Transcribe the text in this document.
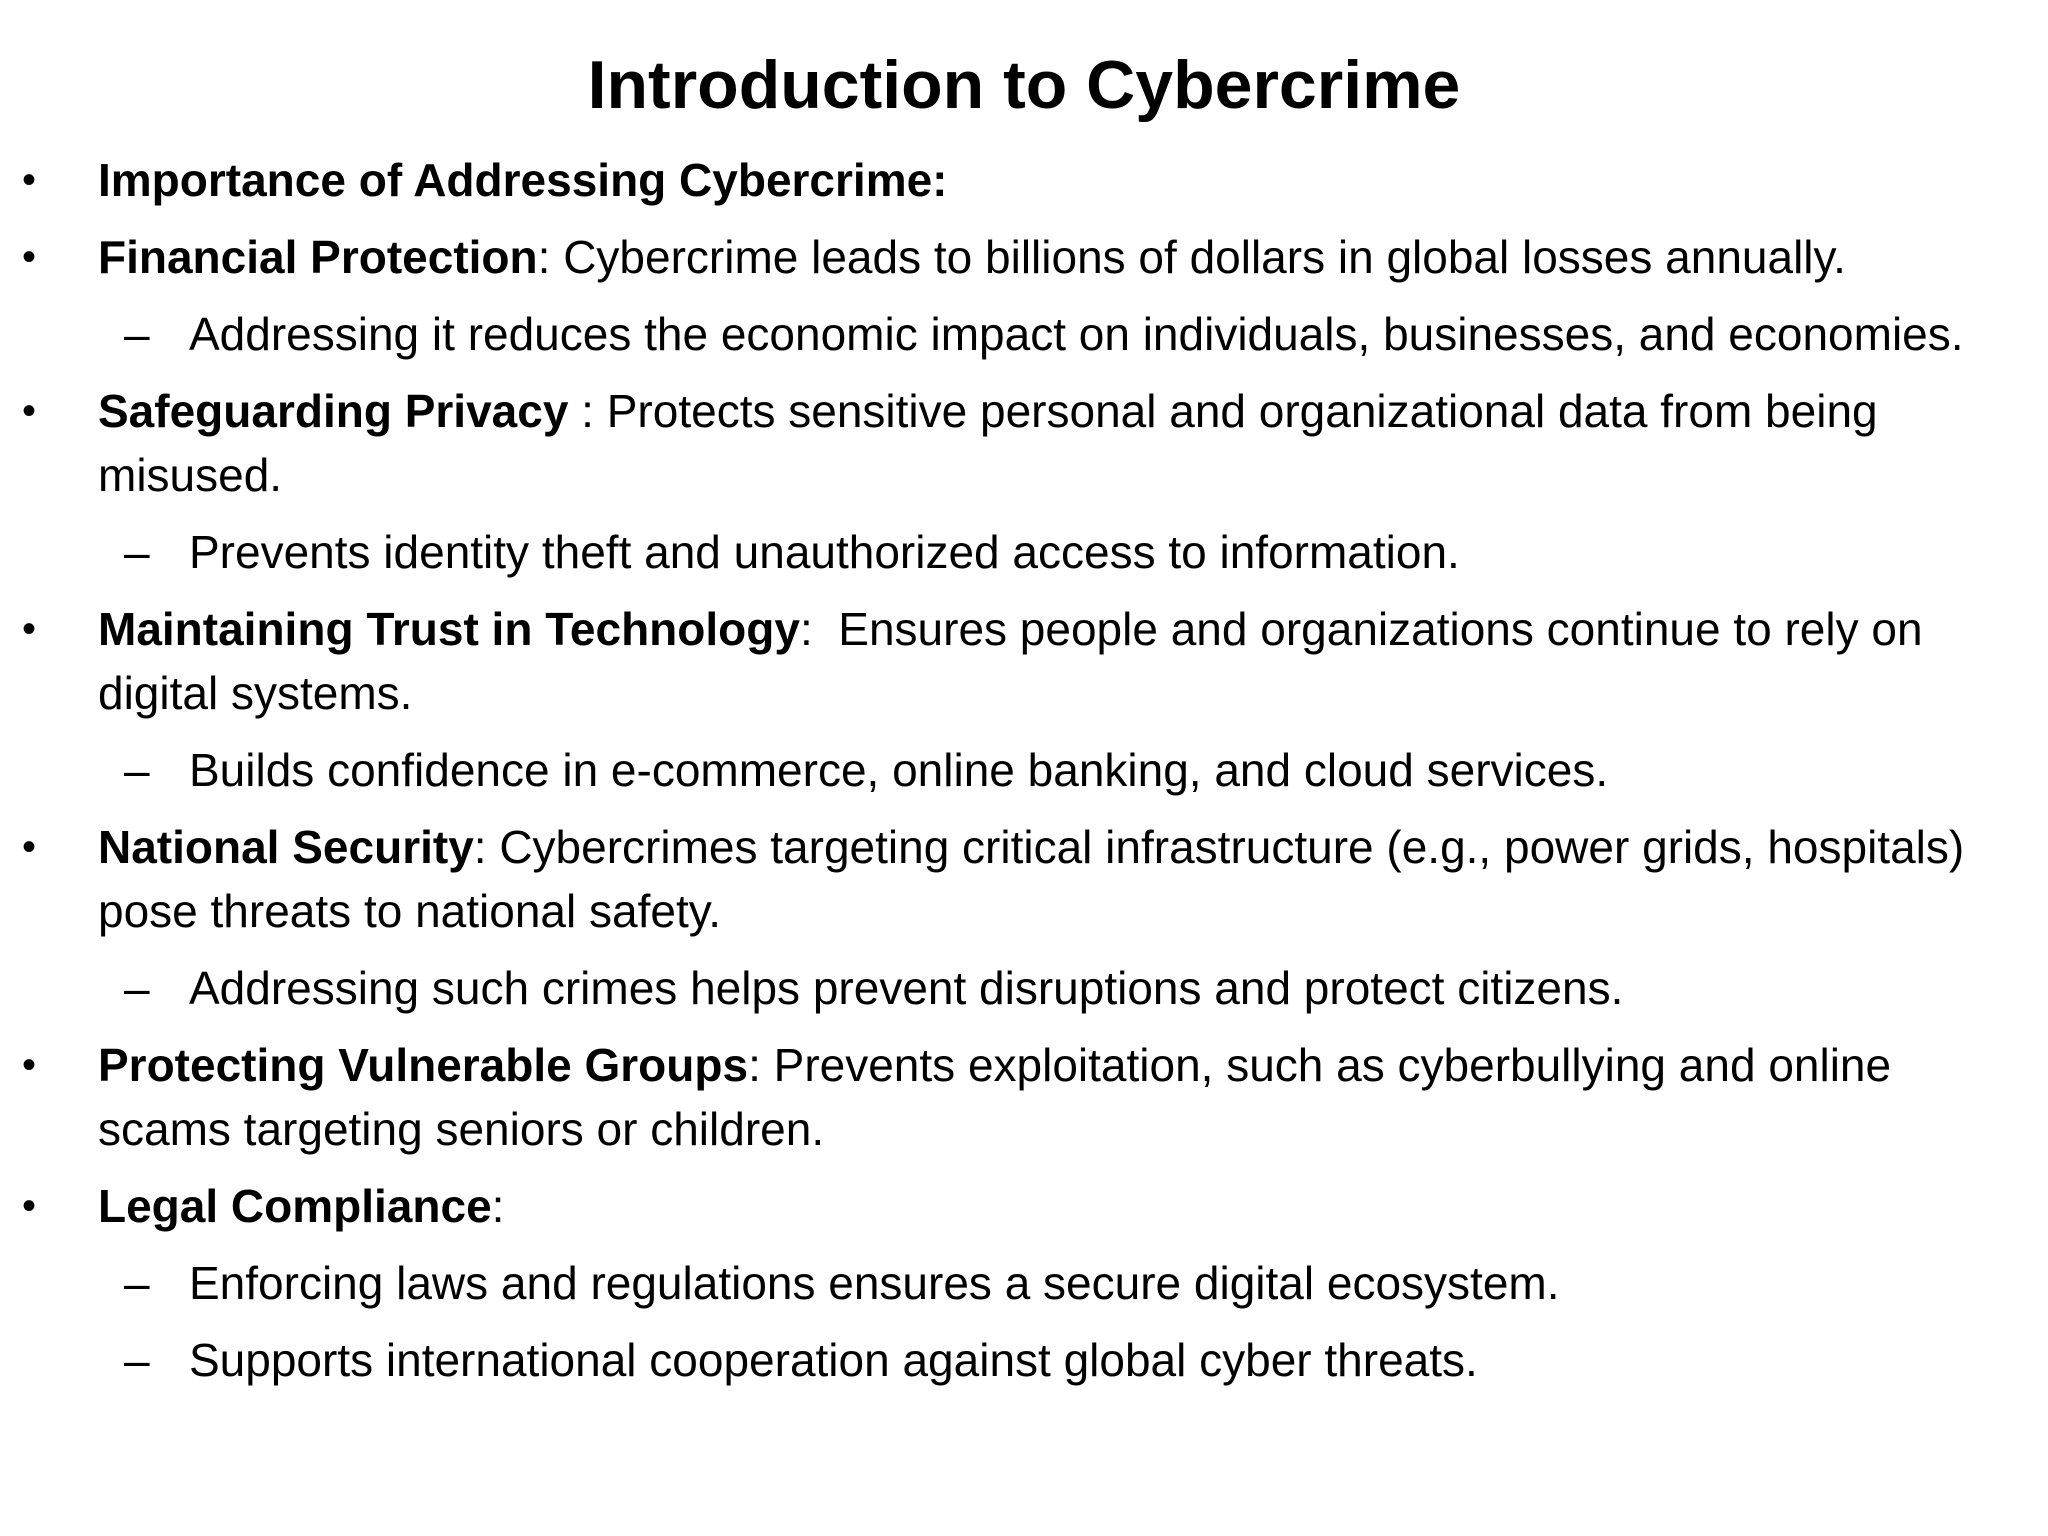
Introduction to Cybercrime
• Importance of Addressing Cybercrime:
• Financial Protection: Cybercrime leads to billions of dollars in global losses annually.
– Addressing it reduces the economic impact on individuals, businesses, and economies.
• Safeguarding Privacy : Protects sensitive personal and organizational data from being misused.
– Prevents identity theft and unauthorized access to information.
• Maintaining Trust in Technology:  Ensures people and organizations continue to rely on digital systems.
– Builds confidence in e-commerce, online banking, and cloud services.
• National Security: Cybercrimes targeting critical infrastructure (e.g., power grids, hospitals) pose threats to national safety.
– Addressing such crimes helps prevent disruptions and protect citizens.
• Protecting Vulnerable Groups: Prevents exploitation, such as cyberbullying and online scams targeting seniors or children.
• Legal Compliance:
– Enforcing laws and regulations ensures a secure digital ecosystem.
– Supports international cooperation against global cyber threats.
